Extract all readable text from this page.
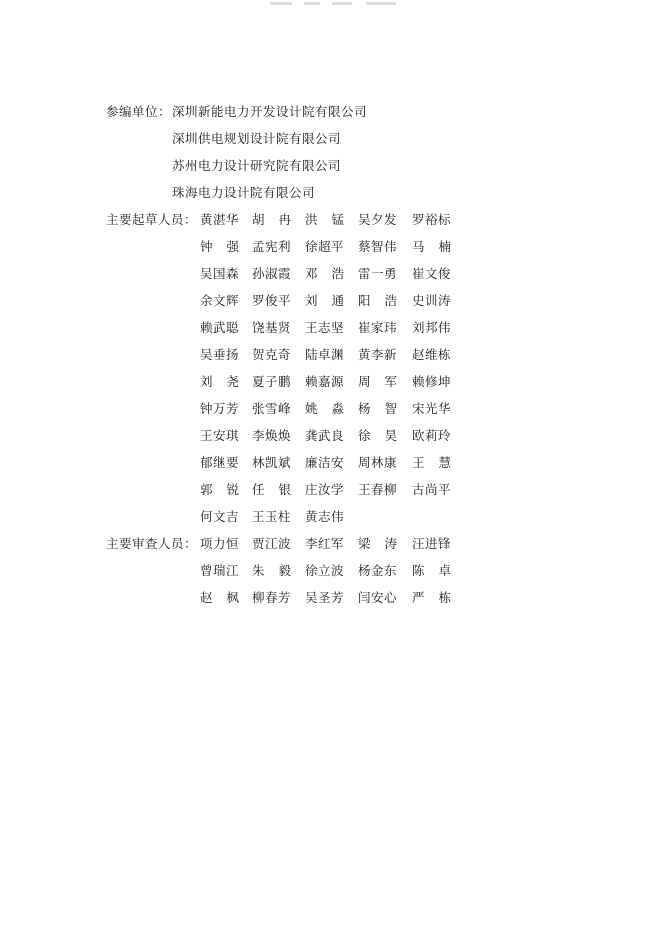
参编单位： 深圳新能电力开发设计院有限公司
深圳供电规划设计院有限公司
苏州电力设计研究院有限公司
珠海电力设计院有限公司
主要起草人员： 黄湛华 胡冉 洪锰 吴夕发 罗裕标
钟强
孟宪利 徐超平 蔡智伟 马楠
吴国森 孙淑霞 邓浩 雷一勇 崔文俊
余文辉 罗俊平 刘通 阳浩 史训涛
赖武聪 饶基贤 王志坚 崔家玮 刘邦伟
吴垂扬 贺克奇 陆卓渊 黄李新 赵维栋
刘尧
夏子鹏 赖嘉源 周军 赖修坤
钟万芳 张雪峰 姚淼 杨智 宋光华
王安琪 李焕焕 龚武良 徐昊 欧莉玲
郁继要 林凯斌 廉洁安 周林康 王慧
郭锐
任银 庄汝学 王春柳 古尚平
何文吉 王玉柱 黄志伟
主要审查人员： 项力恒 贾江波 李红军 梁涛 汪进锋
曾瑞江 朱毅 徐立波 杨金东 陈卓
赵枫
柳春芳 吴圣芳 闫安心 严栋
